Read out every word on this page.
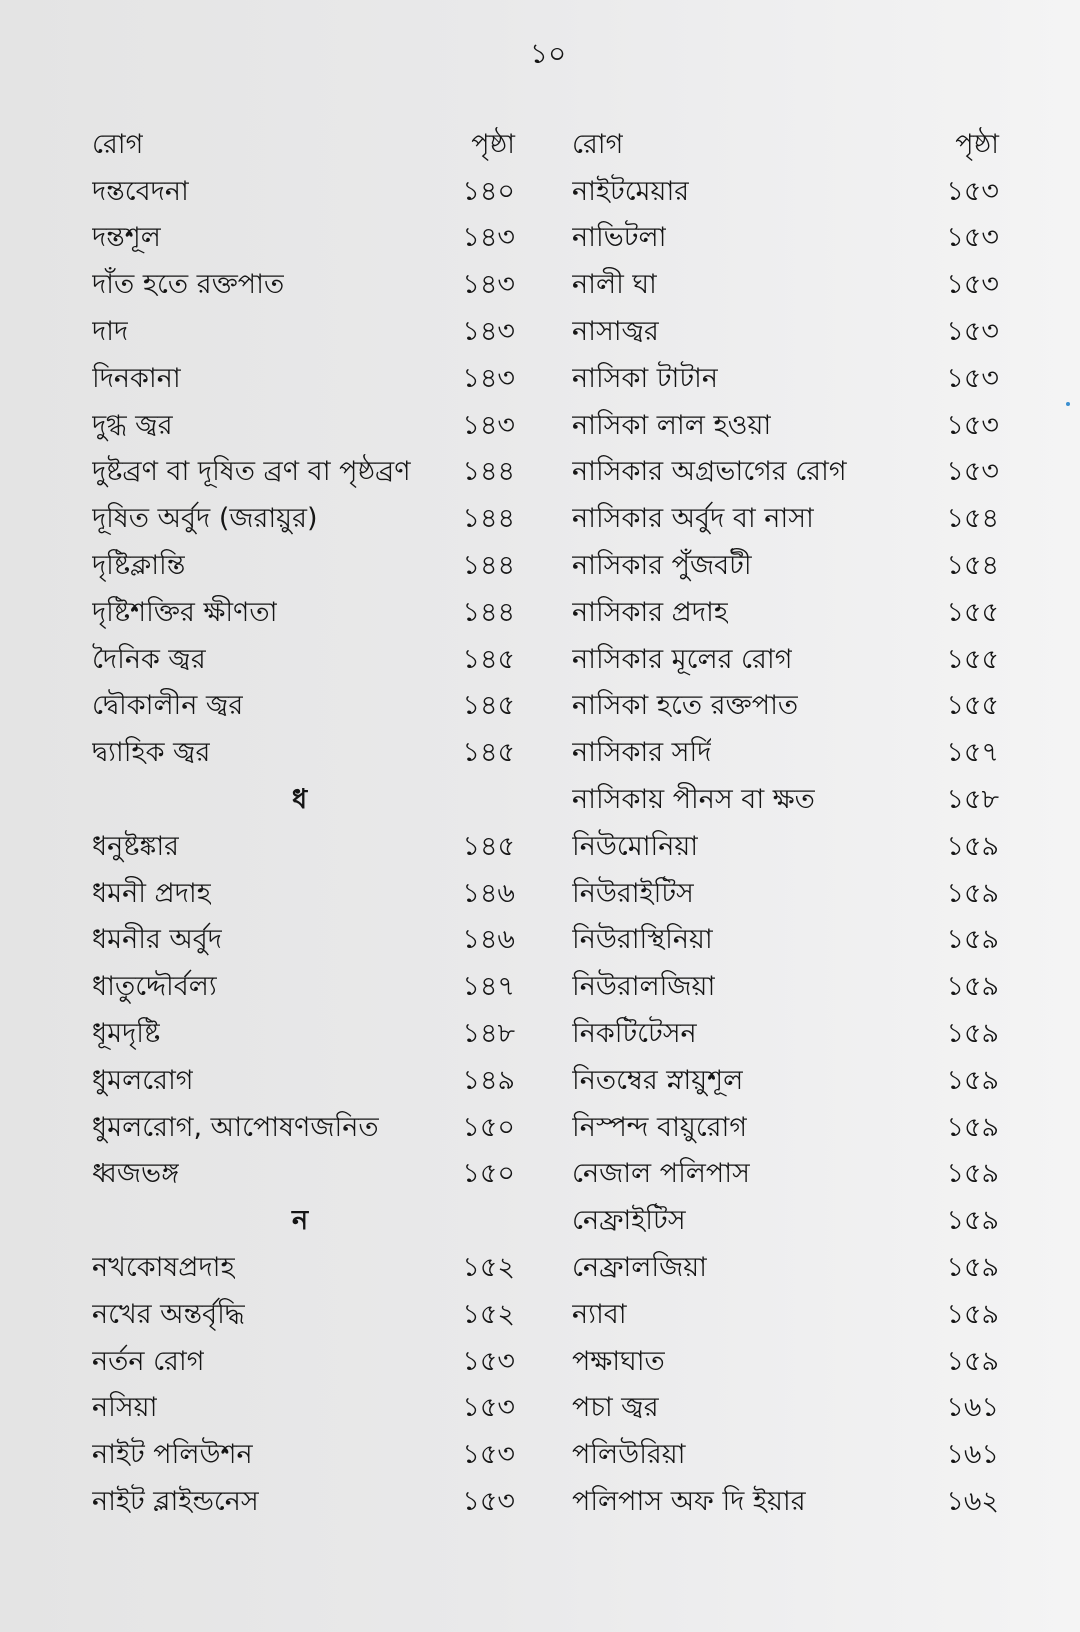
১০
রোগ	পৃষ্ঠা
দন্তবেদনা	১৪০
দন্তশূল	১৪৩
দাঁত হতে রক্তপাত	১৪৩
দাদ	১৪৩
দিনকানা	১৪৩
দুগ্ধ জ্বর	১৪৩
দুষ্টব্রণ বা দূষিত ব্রণ বা পৃষ্ঠব্রণ ১৪৪
দূষিত অর্বুদ (জরায়ুর)	১৪৪
দৃষ্টিক্লান্তি	১৪৪
দৃষ্টিশক্তির ক্ষীণতা	১৪৪
দৈনিক জ্বর	১৪৫
দ্বৌকালীন জ্বর	১৪৫
দ্ব্যাহিক জ্বর	১৪৫
ধ
ধনুষ্টঙ্কার	১৪৫
ধমনী প্রদাহ	১৪৬
ধমনীর অর্বুদ	১৪৬
ধাতুদ্দৌর্বল্য	১৪৭
ধূমদৃষ্টি	১৪৮
ধুমলরোগ	১৪৯
ধুমলরোগ, আপোষণজনিত	১৫০
ধ্বজভঙ্গ	১৫০
ন
নখকোষপ্রদাহ	১৫২
নখের অন্তর্বৃদ্ধি	১৫২
নর্তন রোগ	১৫৩
নসিয়া	১৫৩
নাইট পলিউশন	১৫৩
নাইট ব্লাইন্ডনেস	১৫৩
রোগ	পৃষ্ঠা
নাইটমেয়ার	১৫৩
নাভিটলা	১৫৩
নালী ঘা	১৫৩
নাসাজ্বর	১৫৩
নাসিকা টাটান	১৫৩
নাসিকা লাল হওয়া	১৫৩
নাসিকার অগ্রভাগের রোগ	১৫৩
নাসিকার অর্বুদ বা নাসা	১৫৪
নাসিকার পুঁজবটী	১৫৪
নাসিকার প্রদাহ	১৫৫
নাসিকার মূলের রোগ	১৫৫
নাসিকা হতে রক্তপাত	১৫৫
নাসিকার সর্দি	১৫৭
নাসিকায় পীনস বা ক্ষত	১৫৮
নিউমোনিয়া	১৫৯
নিউরাইটিস	১৫৯
নিউরাস্থিনিয়া	১৫৯
নিউরালজিয়া	১৫৯
নিকটিটেসন	১৫৯
নিতম্বের স্নায়ুশূল	১৫৯
নিস্পন্দ বায়ুরোগ	১৫৯
নেজাল পলিপাস	১৫৯
নেফ্রাইটিস	১৫৯
নেফ্রালজিয়া	১৫৯
ন্যাবা	১৫৯
পক্ষাঘাত	১৫৯
পচা জ্বর	১৬১
পলিউরিয়া	১৬১
পলিপাস অফ দি ইয়ার	১৬২
